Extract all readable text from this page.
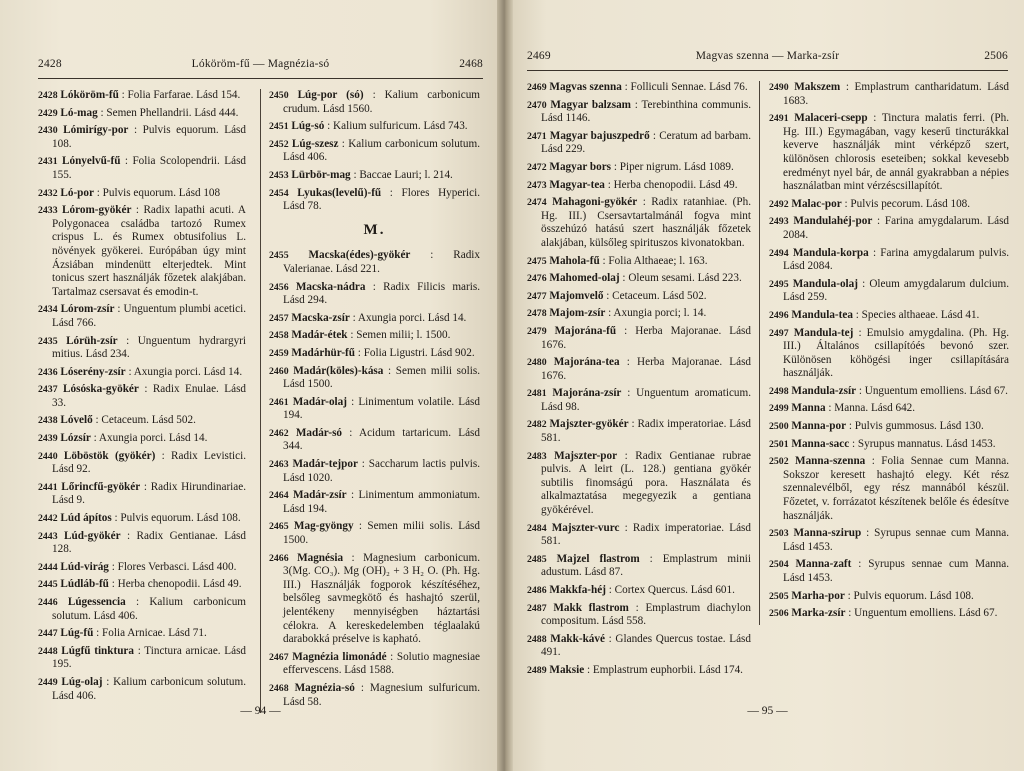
2428	Lóköröm-fű — Magnézia-só	2468
2428 Lóköröm-fű : Folia Farfarae. Lásd 154.
2429 Ló-mag : Semen Phellandrii. Lásd 444.
2430 Lómirígy-por : Pulvis equorum. Lásd 108.
2431 Lónyelvű-fű : Folia Scolopendrii. Lásd 155.
2432 Ló-por : Pulvis equorum. Lásd 108
2433 Lórom-gyökér : Radix lapathi acuti. A Polygonacea családba tartozó Rumex crispus L. és Rumex obtusifolius L. növények gyökerei. Európában úgy mint Ázsiában mindenütt elterjedtek. Mint tonicus szert használják főzetek alakjában. Tartalmaz csersavat és emodin-t.
2434 Lórom-zsír : Unguentum plumbi acetici. Lásd 766.
2435 Lórüh-zsír : Unguentum hydrargyri mitius. Lásd 234.
2436 Lóserény-zsír : Axungia porci. Lásd 14.
2437 Lósóska-gyökér : Radix Enulae. Lásd 33.
2438 Lóvelő : Cetaceum. Lásd 502.
2439 Lózsír : Axungia porci. Lásd 14.
2440 Löböstök (gyökér) : Radix Levistici. Lásd 92.
2441 Lőrincfű-gyökér : Radix Hirundinariae. Lásd 9.
2442 Lúd ápítos : Pulvis equorum. Lásd 108.
2443 Lúd-gyökér : Radix Gentianae. Lásd 128.
2444 Lúd-virág : Flores Verbasci. Lásd 400.
2445 Lúdláb-fű : Herba chenopodii. Lásd 49.
2446 Lúgessencia : Kalium carbonicum solutum. Lásd 406.
2447 Lúg-fű : Folia Arnicae. Lásd 71.
2448 Lúgfű tinktura : Tinctura arnicae. Lásd 195.
2449 Lúg-olaj : Kalium carbonicum solutum. Lásd 406.
2450 Lúg-por (só) : Kalium carbonicum crudum. Lásd 1560.
2451 Lúg-só : Kalium sulfuricum. Lásd 743.
2452 Lúg-szesz : Kalium carbonicum solutum. Lásd 406.
2453 Lürbör-mag : Baccae Lauri; l. 214.
2454 Lyukas(levelű)-fű : Flores Hyperici. Lásd 78.
M.
2455 Macska(édes)-gyökér : Radix Valerianae. Lásd 221.
2456 Macska-nádra : Radix Filicis maris. Lásd 294.
2457 Macska-zsír : Axungia porci. Lásd 14.
2458 Madár-étek : Semen milii; l. 1500.
2459 Madárhür-fű : Folia Ligustri. Lásd 902.
2460 Madár(köles)-kása : Semen milii solis. Lásd 1500.
2461 Madár-olaj : Linimentum volatile. Lásd 194.
2462 Madár-só : Acidum tartaricum. Lásd 344.
2463 Madár-tejpor : Saccharum lactis pulvis. Lásd 1020.
2464 Madár-zsír : Linimentum ammoniatum. Lásd 194.
2465 Mag-gyöngy : Semen milii solis. Lásd 1500.
2466 Magnésia : Magnesium carbonicum. 3(Mg. CO₃). Mg (OH)₂ + 3 H₂ O. (Ph. Hg. III.) Használják fogporok készítéséhez, belsőleg savmegkötő és hashajtó szerül, jelentékeny mennyiségben háztartási célokra. A kereskedelemben téglaalakú darabokká préselve is kapható.
2467 Magnézia limonádé : Solutio magnesiae effervescens. Lásd 1588.
2468 Magnézia-só : Magnesium sulfuricum. Lásd 58.
— 94 —
2469	Magvas szenna — Marka-zsír	2506
2469 Magvas szenna : Folliculi Sennae. Lásd 76.
2470 Magyar balzsam : Terebinthina communis. Lásd 1146.
2471 Magyar bajuszpedrő : Ceratum ad barbam. Lásd 229.
2472 Magyar bors : Piper nigrum. Lásd 1089.
2473 Magyar-tea : Herba chenopodii. Lásd 49.
2474 Mahagoni-gyökér : Radix ratanhiae. (Ph. Hg. III.) Csersavtartalmánál fogva mint összehúzó hatású szert használják főzetek alakjában, külsőleg spirituszos kivonatokban.
2475 Mahola-fű : Folia Althaeae; l. 163.
2476 Mahomed-olaj : Oleum sesami. Lásd 223.
2477 Majomvelő : Cetaceum. Lásd 502.
2478 Majom-zsír : Axungia porci; l. 14.
2479 Majorána-fű : Herba Majoranae. Lásd 1676.
2480 Majorána-tea : Herba Majoranae. Lásd 1676.
2481 Majorána-zsír : Unguentum aromaticum. Lásd 98.
2482 Majszter-gyökér : Radix imperatoriae. Lásd 581.
2483 Majszter-por : Radix Gentianae rubrae pulvis. A leirt (L. 128.) gentiana gyökér subtilis finomságú pora. Használata és alkalmaztatása megegyezik a gentiana gyökérével.
2484 Majszter-vurc : Radix imperatoriae. Lásd 581.
2485 Majzel flastrom : Emplastrum minii adustum. Lásd 87.
2486 Makkfa-héj : Cortex Quercus. Lásd 601.
2487 Makk flastrom : Emplastrum diachylon compositum. Lásd 558.
2488 Makk-kávé : Glandes Quercus tostae. Lásd 491.
2489 Maksie : Emplastrum euphorbii. Lásd 174.
2490 Makszem : Emplastrum cantharidatum. Lásd 1683.
2491 Malaceri-csepp : Tinctura malatis ferri. (Ph. Hg. III.) Egymagában, vagy keserű tincturákkal keverve használják mint vérképző szert, különösen chlorosis eseteiben; sokkal kevesebb eredményt nyel bár, de annál gyakrabban a népies használatban mint vérzéscsillapítót.
2492 Malac-por : Pulvis pecorum. Lásd 108.
2493 Mandulahéj-por : Farina amygdalarum. Lásd 2084.
2494 Mandula-korpa : Farina amygdalarum pulvis. Lásd 2084.
2495 Mandula-olaj : Oleum amygdalarum dulcium. Lásd 259.
2496 Mandula-tea : Species althaeae. Lásd 41.
2497 Mandula-tej : Emulsio amygdalina. (Ph. Hg. III.) Általános csillapítóés bevonó szer. Különösen köhögési inger csillapítására használják.
2498 Mandula-zsír : Unguentum emolliens. Lásd 67.
2499 Manna : Manna. Lásd 642.
2500 Manna-por : Pulvis gummosus. Lásd 130.
2501 Manna-sacc : Syrupus mannatus. Lásd 1453.
2502 Manna-szenna : Folia Sennae cum Manna. Sokszor keresett hashajtó elegy. Két rész szennalevélből, egy rész mannából készül. Főzetet, v. forrázatot készítenek belőle és édesítve használják.
2503 Manna-szirup : Syrupus sennae cum Manna. Lásd 1453.
2504 Manna-zaft : Syrupus sennae cum Manna. Lásd 1453.
2505 Marha-por : Pulvis equorum. Lásd 108.
2506 Marka-zsír : Unguentum emolliens. Lásd 67.
— 95 —
